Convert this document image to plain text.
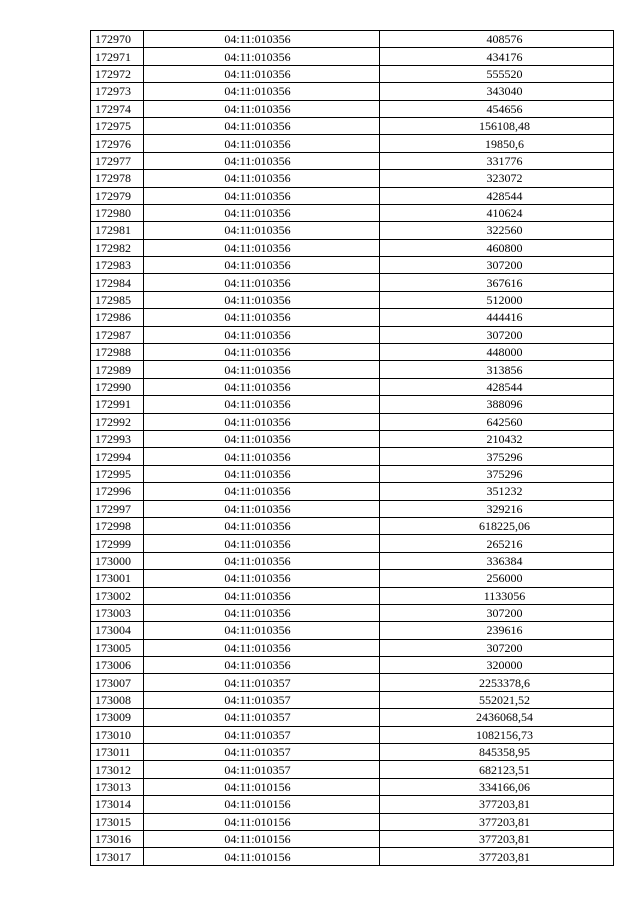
172970	04:11:010356	408576
172971	04:11:010356	434176
172972	04:11:010356	555520
172973	04:11:010356	343040
172974	04:11:010356	454656
172975	04:11:010356	156108,48
172976	04:11:010356	19850,6
172977	04:11:010356	331776
172978	04:11:010356	323072
172979	04:11:010356	428544
172980	04:11:010356	410624
172981	04:11:010356	322560
172982	04:11:010356	460800
172983	04:11:010356	307200
172984	04:11:010356	367616
172985	04:11:010356	512000
172986	04:11:010356	444416
172987	04:11:010356	307200
172988	04:11:010356	448000
172989	04:11:010356	313856
172990	04:11:010356	428544
172991	04:11:010356	388096
172992	04:11:010356	642560
172993	04:11:010356	210432
172994	04:11:010356	375296
172995	04:11:010356	375296
172996	04:11:010356	351232
172997	04:11:010356	329216
172998	04:11:010356	618225,06
172999	04:11:010356	265216
173000	04:11:010356	336384
173001	04:11:010356	256000
173002	04:11:010356	1133056
173003	04:11:010356	307200
173004	04:11:010356	239616
173005	04:11:010356	307200
173006	04:11:010356	320000
173007	04:11:010357	2253378,6
173008	04:11:010357	552021,52
173009	04:11:010357	2436068,54
173010	04:11:010357	1082156,73
173011	04:11:010357	845358,95
173012	04:11:010357	682123,51
173013	04:11:010156	334166,06
173014	04:11:010156	377203,81
173015	04:11:010156	377203,81
173016	04:11:010156	377203,81
173017	04:11:010156	377203,81
